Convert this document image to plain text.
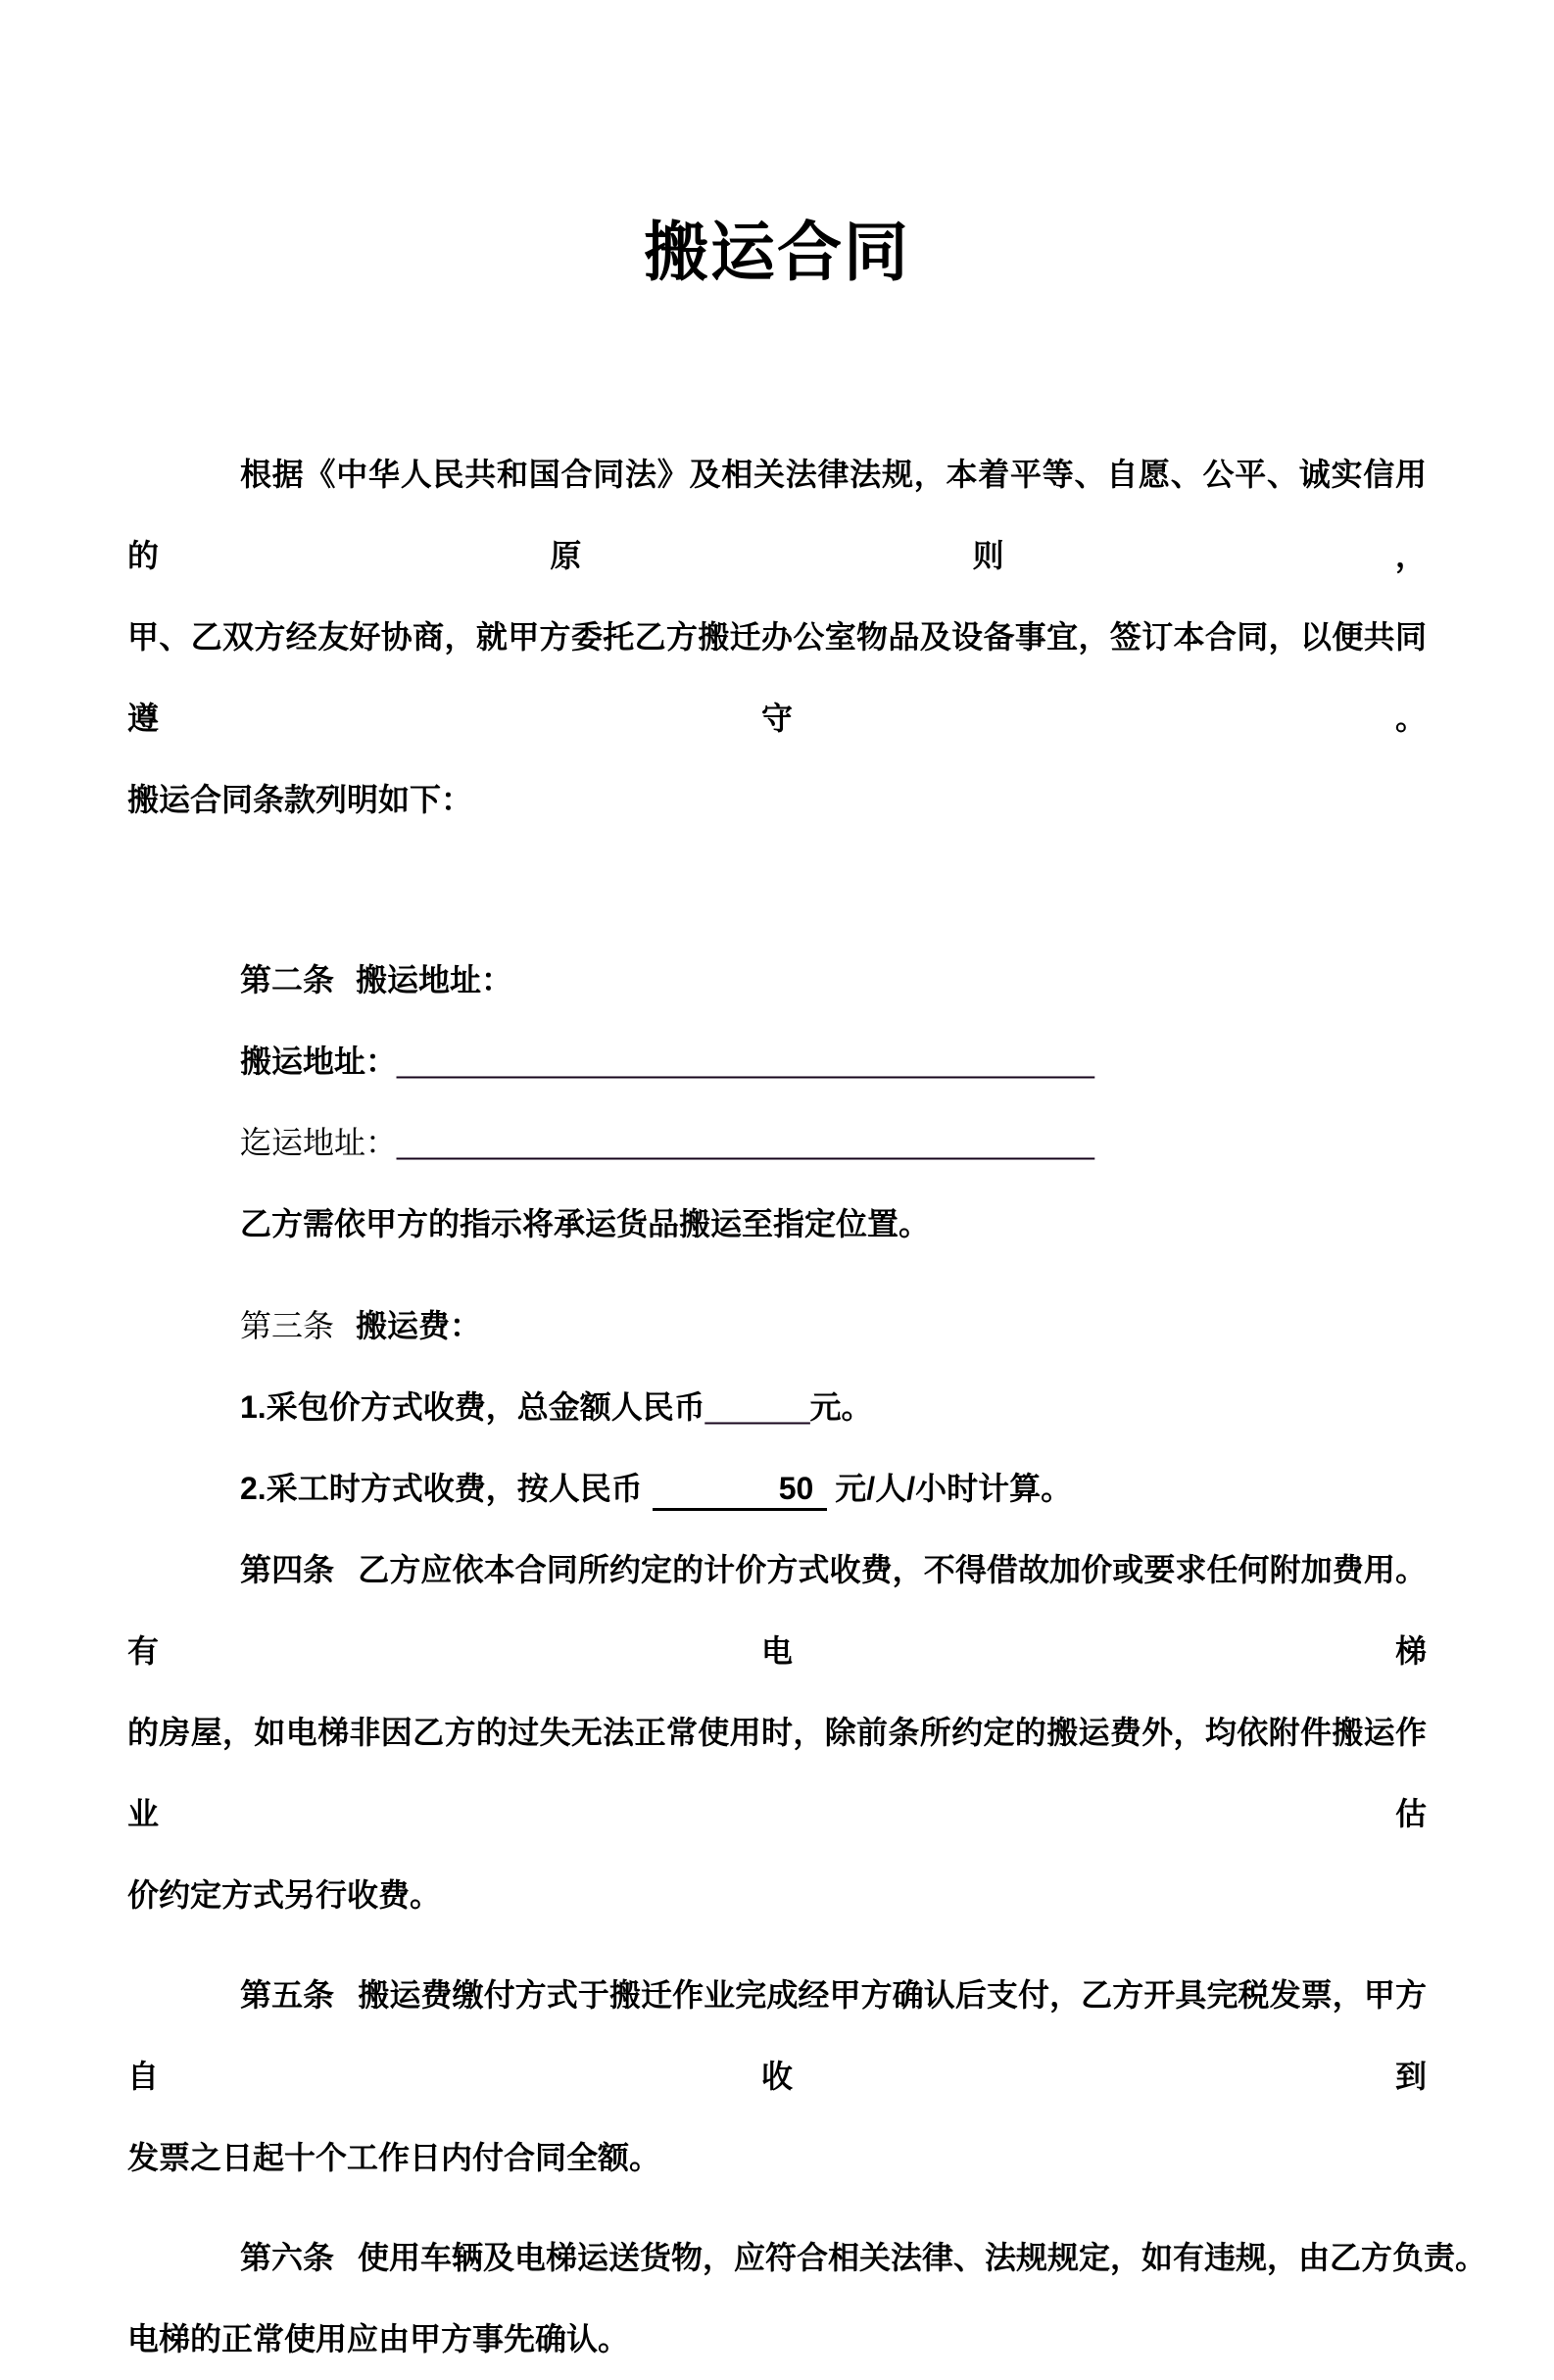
搬运合同

根据《中华人民共和国合同法》及相关法律法规，本着平等、自愿、公平、诚实信用的原则，

甲、乙双方经友好协商，就甲方委托乙方搬迁办公室物品及设备事宜，签订本合同，以便共同遵守。

搬运合同条款列明如下：

第二条 搬运地址：

搬运地址：________________________________________

迄运地址：________________________________________

乙方需依甲方的指示将承运货品搬运至指定位置。

第三条 搬运费：

1.采包价方式收费，总金额人民币______元。

2.采工时方式收费，按人民币	50 元/人/小时计算。

第四条 乙方应依本合同所约定的计价方式收费，不得借故加价或要求任何附加费用。有电梯

的房屋，如电梯非因乙方的过失无法正常使用时，除前条所约定的搬运费外，均依附件搬运作业估

价约定方式另行收费。

第五条 搬运费缴付方式于搬迁作业完成经甲方确认后支付，乙方开具完税发票，甲方自收到

发票之日起十个工作日内付合同全额。

第六条 使用车辆及电梯运送货物，应符合相关法律、法规规定，如有违规，由乙方负责。

电梯的正常使用应由甲方事先确认。
